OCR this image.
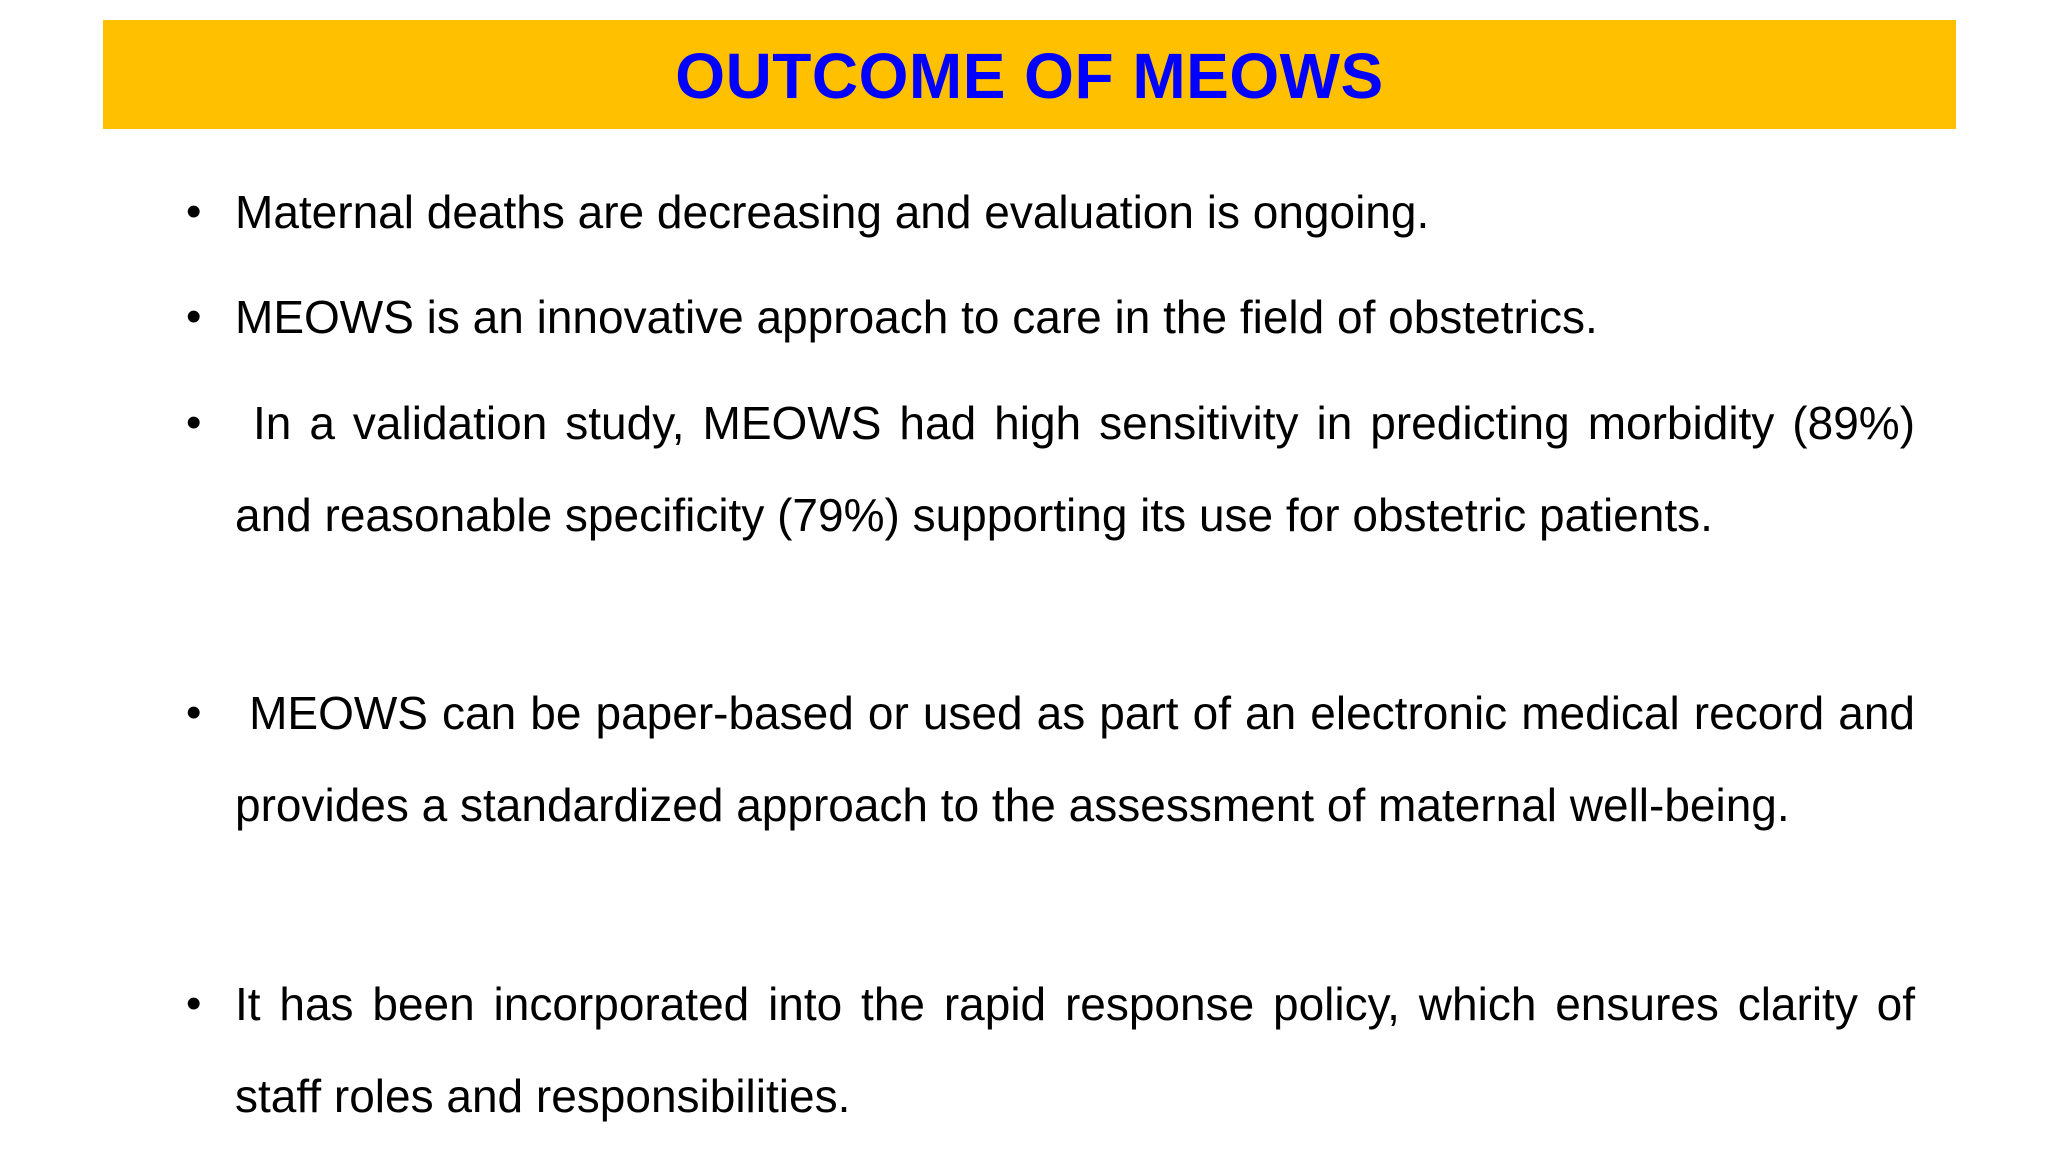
OUTCOME OF MEOWS
• Maternal deaths are decreasing and evaluation is ongoing.
• MEOWS is an innovative approach to care in the field of obstetrics.
• In a validation study, MEOWS had high sensitivity in predicting morbidity (89%) and reasonable specificity (79%) supporting its use for obstetric patients.
• MEOWS can be paper-based or used as part of an electronic medical record and provides a standardized approach to the assessment of maternal well-being.
• It has been incorporated into the rapid response policy, which ensures clarity of staff roles and responsibilities.
